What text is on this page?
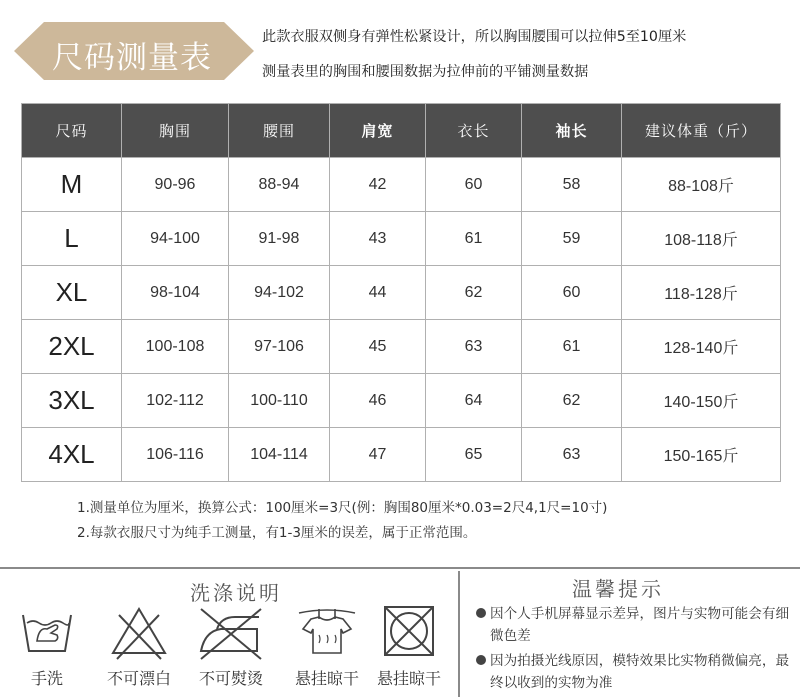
尺码测量表
此款衣服双侧身有弹性松紧设计，所以胸围腰围可以拉伸5至10厘米
测量表里的胸围和腰围数据为拉伸前的平铺测量数据
尺码	胸围	腰围	肩宽	衣长	袖长	建议体重（斤）
M	90-96	88-94	42	60	58	88-108斤
L	94-100	91-98	43	61	59	108-118斤
XL	98-104	94-102	44	62	60	118-128斤
2XL	100-108	97-106	45	63	61	128-140斤
3XL	102-112	100-110	46	64	62	140-150斤
4XL	106-116	104-114	47	65	63	150-165斤
1.测量单位为厘米，换算公式：100厘米=3尺(例：胸围80厘米*0.03=2尺4,1尺=10寸)
2.每款衣服尺寸为纯手工测量，有1-3厘米的误差，属于正常范围。
洗涤说明
手洗	不可漂白	不可熨烫	悬挂晾干	悬挂晾干
温馨提示
因个人手机屏幕显示差异，图片与实物可能会有细微色差
因为拍摄光线原因，模特效果比实物稍微偏亮，最终以收到的实物为准
